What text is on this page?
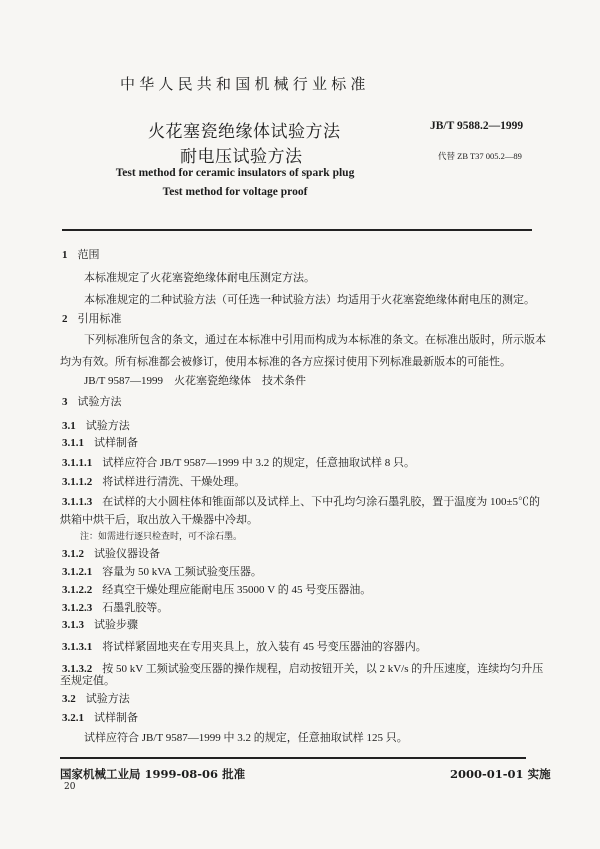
中华人民共和国机械行业标准
火花塞瓷绝缘体试验方法
耐电压试验方法
JB/T 9588.2—1999
代替 ZB T37 005.2—89
Test method for ceramic insulators of spark plug
Test method for voltage proof
1 范围
本标准规定了火花塞瓷绝缘体耐电压测定方法。
本标准规定的二种试验方法（可任选一种试验方法）均适用于火花塞瓷绝缘体耐电压的测定。
2 引用标准
下列标准所包含的条文，通过在本标准中引用而构成为本标准的条文。在标准出版时，所示版本
均为有效。所有标准都会被修订，使用本标准的各方应探讨使用下列标准最新版本的可能性。
JB/T 9587—1999　火花塞瓷绝缘体　技术条件
3 试验方法
3.1 试验方法
3.1.1 试样制备
3.1.1.1 试样应符合 JB/T 9587—1999 中 3.2 的规定，任意抽取试样 8 只。
3.1.1.2 将试样进行清洗、干燥处理。
3.1.1.3 在试样的大小圆柱体和锥面部以及试样上、下中孔均匀涂石墨乳胶，置于温度为 100±5℃的
烘箱中烘干后，取出放入干燥器中冷却。
注：如需进行逐只检查时，可不涂石墨。
3.1.2 试验仪器设备
3.1.2.1 容量为 50 kVA 工频试验变压器。
3.1.2.2 经真空干燥处理应能耐电压 35000 V 的 45 号变压器油。
3.1.2.3 石墨乳胶等。
3.1.3 试验步骤
3.1.3.1 将试样紧固地夹在专用夹具上，放入装有 45 号变压器油的容器内。
3.1.3.2 按 50 kV 工频试验变压器的操作规程，启动按钮开关，以 2 kV/s 的升压速度，连续均匀升压
至规定值。
3.2 试验方法
3.2.1 试样制备
试样应符合 JB/T 9587—1999 中 3.2 的规定，任意抽取试样 125 只。
国家机械工业局 1999-08-06 批准	2000-01-01 实施
20
